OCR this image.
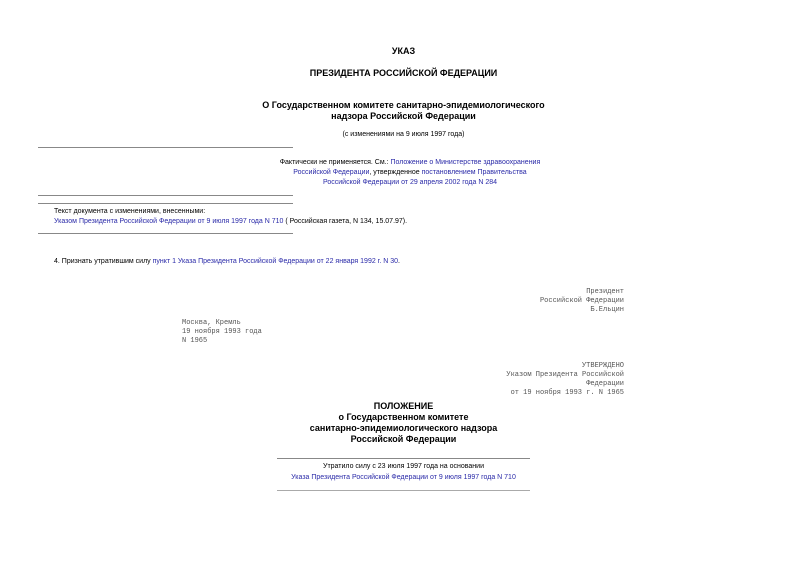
УКАЗ
ПРЕЗИДЕНТА РОССИЙСКОЙ ФЕДЕРАЦИИ
О Государственном комитете санитарно-эпидемиологического
надзора Российской Федерации
(с изменениями на 9 июля 1997 года)
Фактически не применяется. См.: Положение о Министерстве здравоохранения
Российской Федерации, утвержденное постановлением Правительства
Российской Федерации от 29 апреля 2002 года N 284
Текст документа с изменениями, внесенными:
Указом Президента Российской Федерации от 9 июля 1997 года N 710 ( Российская газета, N 134, 15.07.97).
4. Признать утратившим силу пункт 1 Указа Президента Российской Федерации от 22 января 1992 г. N 30.
Президент
Российской Федерации
Б.Ельцин
Москва, Кремль
19 ноября 1993 года
N 1965
УТВЕРЖДЕНО
Указом Президента Российской
Федерации
от 19 ноября 1993 г. N 1965
ПОЛОЖЕНИЕ
о Государственном комитете
санитарно-эпидемиологического надзора
Российской Федерации
Утратило силу с 23 июля 1997 года на основании
Указа Президента Российской Федерации от 9 июля 1997 года N 710
